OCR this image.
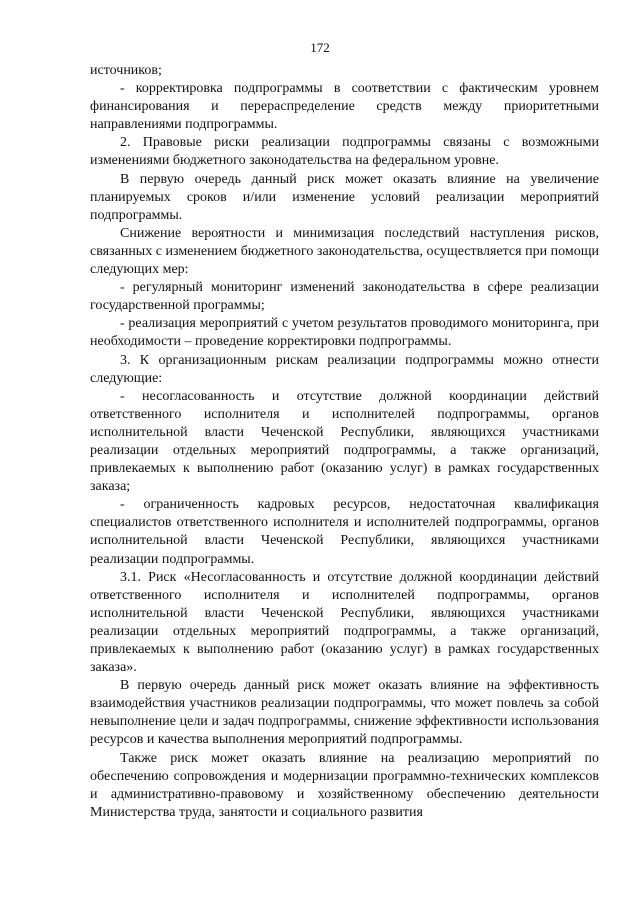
172

источников;

- корректировка подпрограммы в соответствии с фактическим уровнем финансирования и перераспределение средств между приоритетными направлениями подпрограммы.

2. Правовые риски реализации подпрограммы связаны с возможными изменениями бюджетного законодательства на федеральном уровне.

В первую очередь данный риск может оказать влияние на увеличение планируемых сроков и/или изменение условий реализации мероприятий подпрограммы.

Снижение вероятности и минимизация последствий наступления рисков, связанных с изменением бюджетного законодательства, осуществляется при помощи следующих мер:

- регулярный мониторинг изменений законодательства в сфере реализации государственной программы;

- реализация мероприятий с учетом результатов проводимого мониторинга, при необходимости – проведение корректировки подпрограммы.

3. К организационным рискам реализации подпрограммы можно отнести следующие:

- несогласованность и отсутствие должной координации действий ответственного исполнителя и исполнителей подпрограммы, органов исполнительной власти Чеченской Республики, являющихся участниками реализации отдельных мероприятий подпрограммы, а также организаций, привлекаемых к выполнению работ (оказанию услуг) в рамках государственных заказа;

- ограниченность кадровых ресурсов, недостаточная квалификация специалистов ответственного исполнителя и исполнителей подпрограммы, органов исполнительной власти Чеченской Республики, являющихся участниками реализации подпрограммы.

3.1. Риск «Несогласованность и отсутствие должной координации действий ответственного исполнителя и исполнителей подпрограммы, органов исполнительной власти Чеченской Республики, являющихся участниками реализации отдельных мероприятий подпрограммы, а также организаций, привлекаемых к выполнению работ (оказанию услуг) в рамках государственных заказа».

В первую очередь данный риск может оказать влияние на эффективность взаимодействия участников реализации подпрограммы, что может повлечь за собой невыполнение цели и задач подпрограммы, снижение эффективности использования ресурсов и качества выполнения мероприятий подпрограммы.

Также риск может оказать влияние на реализацию мероприятий по обеспечению сопровождения и модернизации программно-технических комплексов и административно-правовому и хозяйственному обеспечению деятельности Министерства труда, занятости и социального развития
